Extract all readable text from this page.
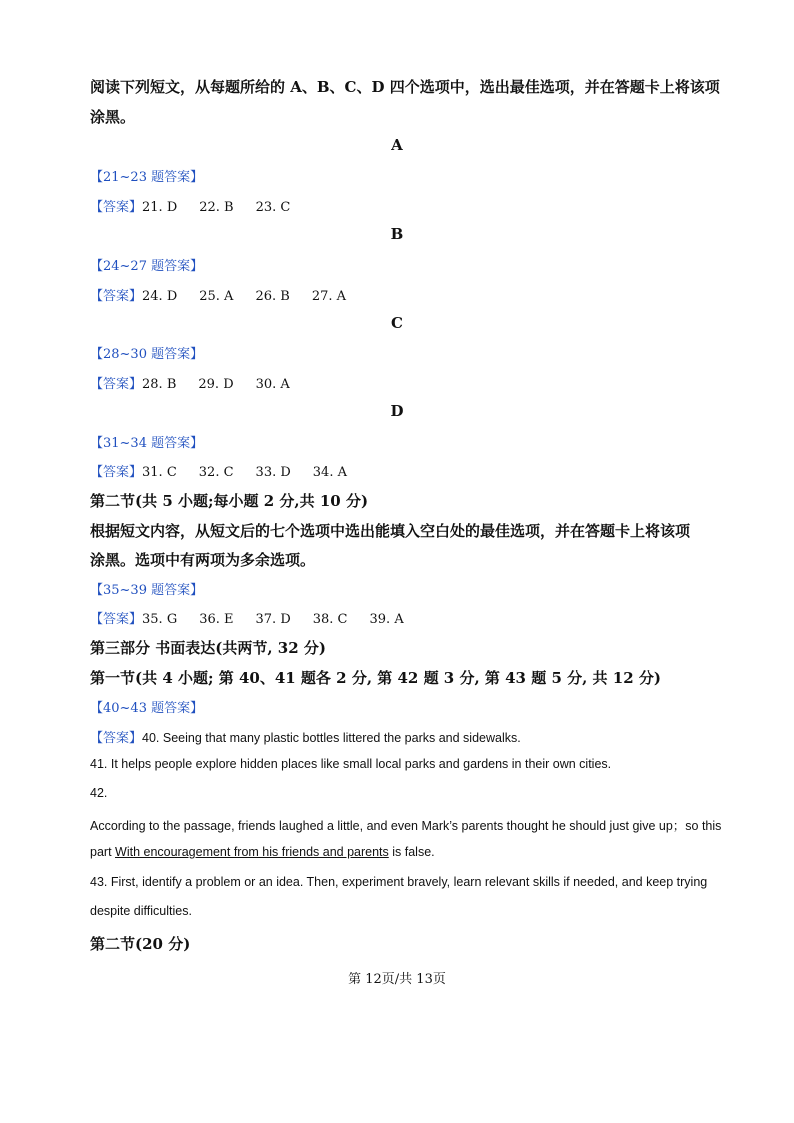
阅读下列短文，从每题所给的 A、B、C、D 四个选项中，选出最佳选项，并在答题卡上将该项
涂黑。
A
【21~23 题答案】
【答案】21. D 22. B 23. C
B
【24~27 题答案】
【答案】24. D 25. A 26. B 27. A
C
【28~30 题答案】
【答案】28. B 29. D 30. A
D
【31~34 题答案】
【答案】31. C 32. C 33. D 34. A
第二节(共 5 小题;每小题 2 分,共 10 分)
根据短文内容，从短文后的七个选项中选出能填入空白处的最佳选项，并在答题卡上将该项
涂黑。选项中有两项为多余选项。
【35~39 题答案】
【答案】35. G 36. E 37. D 38. C 39. A
第三部分 书面表达(共两节, 32 分)
第一节(共 4 小题; 第 40、41 题各 2 分, 第 42 题 3 分, 第 43 题 5 分, 共 12 分)
【40~43 题答案】
【答案】40. Seeing that many plastic bottles littered the parks and sidewalks.
41. It helps people explore hidden places like small local parks and gardens in their own cities.
42.
According to the passage, friends laughed a little, and even Mark’s parents thought he should just give up；so this
part With encouragement from his friends and parents is false.
43. First, identify a problem or an idea. Then, experiment bravely, learn relevant skills if needed, and keep trying
despite difficulties.
第二节(20 分)
第 12页/共 13页
